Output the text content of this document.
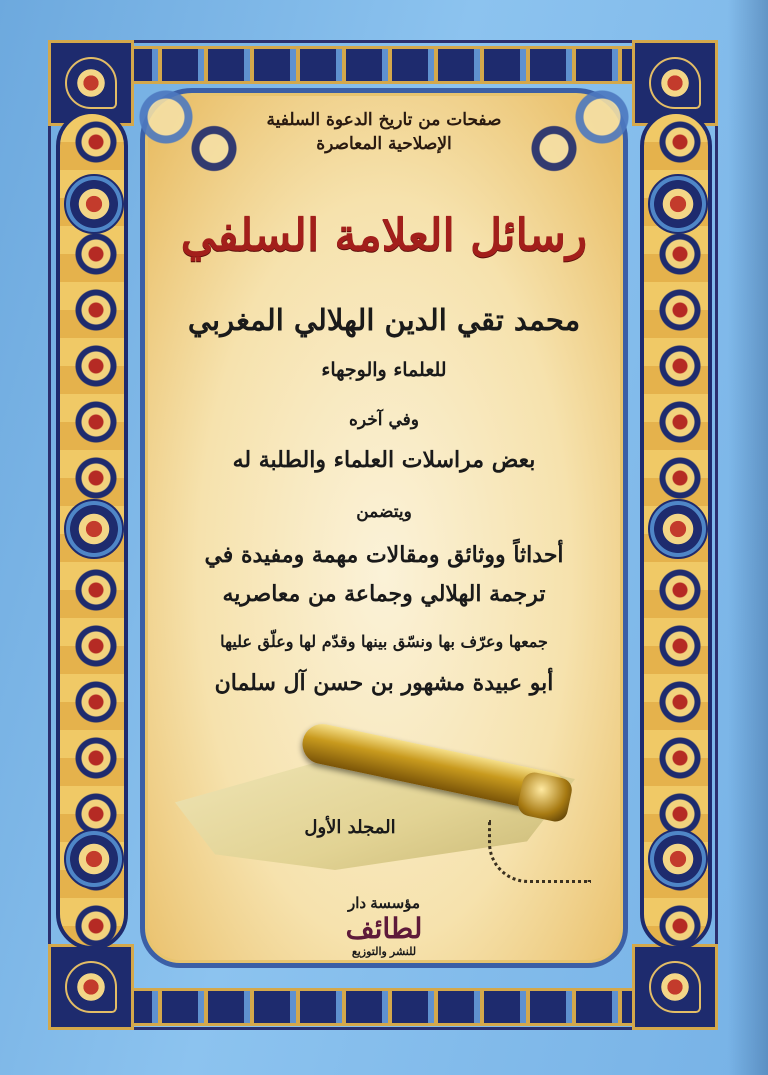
صفحات من تاريخ الدعوة السلفية
الإصلاحية المعاصرة
رسائل العلامة السلفي
محمد تقي الدين الهلالي المغربي
للعلماء والوجهاء
وفي آخره
بعض مراسلات العلماء والطلبة له
ويتضمن
أحداثاً ووثائق ومقالات مهمة ومفيدة في
ترجمة الهلالي وجماعة من معاصريه
جمعها وعرّف بها ونسّق بينها وقدّم لها وعلّق عليها
أبو عبيدة مشهور بن حسن آل سلمان
المجلد الأول
مؤسسة دار
لطائف
للنشر والتوزيع
